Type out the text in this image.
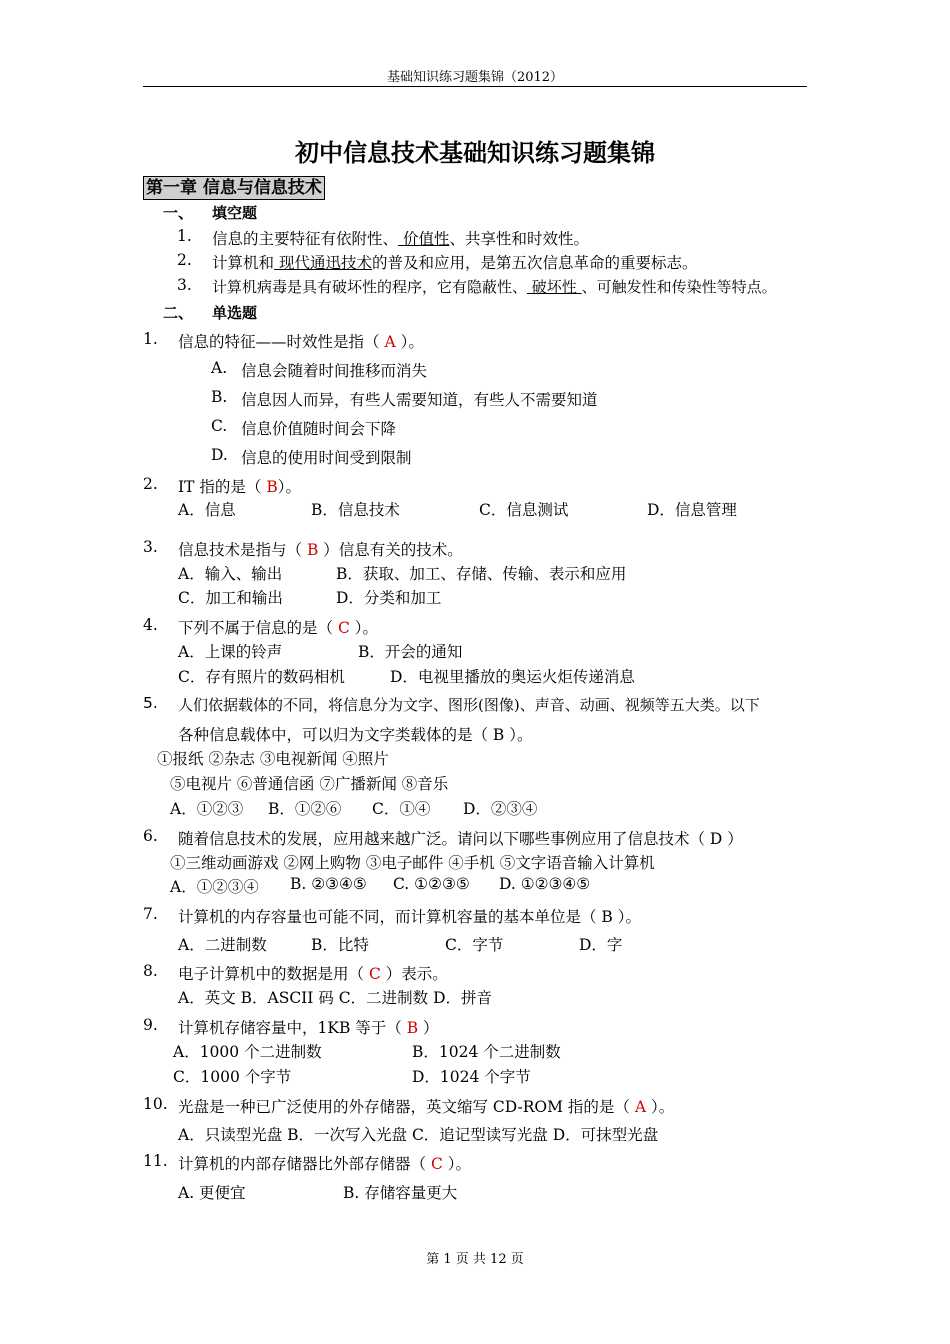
基础知识练习题集锦（2012）
初中信息技术基础知识练习题集锦
第一章 信息与信息技术
一、 填空题
1. 信息的主要特征有依附性、 价值性、共享性和时效性。
2. 计算机和 现代通迅技术的普及和应用，是第五次信息革命的重要标志。
3. 计算机病毒是具有破坏性的程序，它有隐蔽性、 破坏性 、可触发性和传染性等特点。
二、 单选题
1. 信息的特征——时效性是指（ A ）。
A. 信息会随着时间推移而消失
B. 信息因人而异，有些人需要知道，有些人不需要知道
C. 信息价值随时间会下降
D. 信息的使用时间受到限制
2. IT 指的是（ B）。
A．信息	B．信息技术	C．信息测试	D．信息管理
3. 信息技术是指与（ B ）信息有关的技术。
A．输入、输出	B．获取、加工、存储、传输、表示和应用
C．加工和输出	D．分类和加工
4. 下列不属于信息的是（ C ）。
A．上课的铃声	B．开会的通知
C．存有照片的数码相机	D．电视里播放的奥运火炬传递消息
5. 人们依据载体的不同，将信息分为文字、图形(图像)、声音、动画、视频等五大类。以下
各种信息载体中，可以归为文字类载体的是（ B ）。
①报纸 ②杂志 ③电视新闻 ④照片
⑤电视片 ⑥普通信函 ⑦广播新闻 ⑧音乐
A．①②③ B．①②⑥ C．①④ D．②③④
6. 随着信息技术的发展，应用越来越广泛。请问以下哪些事例应用了信息技术（ D ）
①三维动画游戏 ②网上购物 ③电子邮件 ④手机 ⑤文字语音输入计算机
A．①②③④ B. ②③④⑤ C. ①②③⑤ D. ①②③④⑤
7. 计算机的内存容量也可能不同，而计算机容量的基本单位是（ B ）。
A．二进制数	B．比特	C．字节	D．字
8. 电子计算机中的数据是用（ C ）表示。
A．英文 B．ASCII 码 C．二进制数 D．拼音
9. 计算机存储容量中，1KB 等于（ B ）
A．1000 个二进制数	B．1024 个二进制数
C．1000 个字节	D．1024 个字节
10. 光盘是一种已广泛使用的外存储器，英文缩写 CD-ROM 指的是（ A ）。
A．只读型光盘 B．一次写入光盘 C．追记型读写光盘 D．可抹型光盘
11. 计算机的内部存储器比外部存储器（ C ）。
A. 更便宜	B. 存储容量更大
第 1 页 共 12 页
